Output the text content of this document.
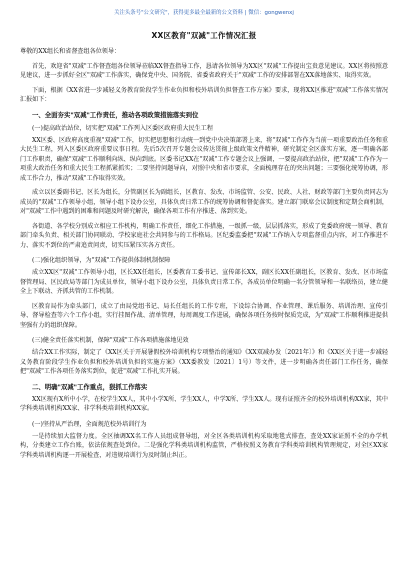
关注头条号"公文研究"，获得更多最全最新的公文资料 | 微信：gongwenxj
XX区教育"双减"工作情况汇报

尊敬的XX组长和省督查组各位领导：

首先，欢迎省"双减"工作督查组各位领导莅临XX督查指导工作，恳请各位领导为XX区"双减"工作提出宝贵意见建议。XX区将按照意见建议，进一步抓好全区"双减"工作落实，确保党中央、国务院、省委省政府关于"双减"工作的安排部署在XX落地落实、取得实效。

下面，根据《XX省进一步减轻义务教育阶段学生作业负担和校外培训负担督查工作方案》要求，现将XX区推进"双减"工作落实情况汇报如下：

一、全面夯实"双减"工作责任，推动各项政策措施落实到位
(一)提高政治站位，切实把"双减"工作列入区委区政府重大民生工程

XX区委、区政府高度重视"双减"工作，切实把思想和行动统一到党中央决策部署上来，将"双减"工作作为当前一项重要政治任务和重大民生工程，列入区委区政府重要议事日程。先后5次召开专题会议传达贯彻上级政策文件精神，研究制定全区落实方案，逐一明确各部门工作职责，确保"双减"工作顺利向纵、纵向到底。区委书记XX在"双减"工作专题会议上强调，一要提高政治站位，把"双减"工作作为一项重大政治任务和重大民生工程抓紧抓实；二要坚持问题导向，对照中央和省市要求，全面梳理存在的突出问题；三要强化统筹协调，形成工作合力，推动"双减"工作取得实效。

成立以区委副书记、区长为组长，分管副区长为副组长，区教育、发改、市场监管、公安、民政、人社、财政等部门主要负责同志为成员的"双减"工作领导小组，领导小组下设办公室，具体负责日常工作的统筹协调和督促落实。建立部门联席会议制度和定期会商机制，对"双减"工作中遇到的困难和问题及时研究解决，确保各项工作有序推进、落到实处。

各街道、各学校分别成立相应工作机构，明确工作责任，细化工作措施，一级抓一级，层层抓落实，形成了党委政府统一领导、教育部门牵头负责、相关部门协同联动、学校家庭社会共同参与的工作格局。区纪委监委把"双减"工作纳入专项监督重点内容，对工作推进不力、落实不到位的严肃追责问责，切实压紧压实各方责任。

(二)强化组织领导，为"双减"工作提供体制机制保障

成立XX区"双减"工作领导小组，区长XX任组长，区委教育工委书记、宣传部长XX，副区长XX任副组长，区教育、发改、区市场监督管理局、区民政局等部门为成员单位，领导小组下设办公室，具体负责日常工作，各成员单位明确一名分管领导和一名联络员，建立健全上下联动、齐抓共管的工作机制。

区教育局作为牵头部门，成立了由局党组书记、局长任组长的工作专班，下设综合协调、作业管理、课后服务、培训治理、宣传引导、督导检查等六个工作小组，实行挂图作战、清单管理，每周调度工作进展，确保各项任务按时保质完成，为"双减"工作顺利推进提供坚强有力的组织保障。

(三)健全责任落实机制，保障"双减"工作各项措施落地见效

结合XX工作实际，制定了《XX区关于开展暑假校外培训机构专项整治的通知》《XX双减办发〔2021年〕》和《XX区关于进一步减轻义务教育阶段学生作业负担和校外培训负担的实施方案》（XX委教发〔2021〕1号）等文件，进一步明确各责任部门工作任务，确保把"双减"工作各项任务落实到位，促进"双减"工作扎实开展。

二、明确"双减"工作重点，狠抓工作落实

XX区现有X所中小学，在校学生XX人，其中小学X所、学生XX人，中学X所、学生XX人。现有证照齐全的校外培训机构XX家，其中学科类培训机构XX家、非学科类培训机构XX家。

(一)坚持从严治理，全面规范校外培训行为

一是持续加大监督力度。全区抽调XX名工作人员组成督导组，对全区各类培训机构采取地毯式排查，查处XX家证照不全的办学机构，分类建立工作台账，依法依规查处到位。二是强化学科类培训机构监管，严格按照义务教育学科类培训机构管理规定，对全区XX家学科类培训机构逐一开展检查，对违规培训行为及时制止纠正。
